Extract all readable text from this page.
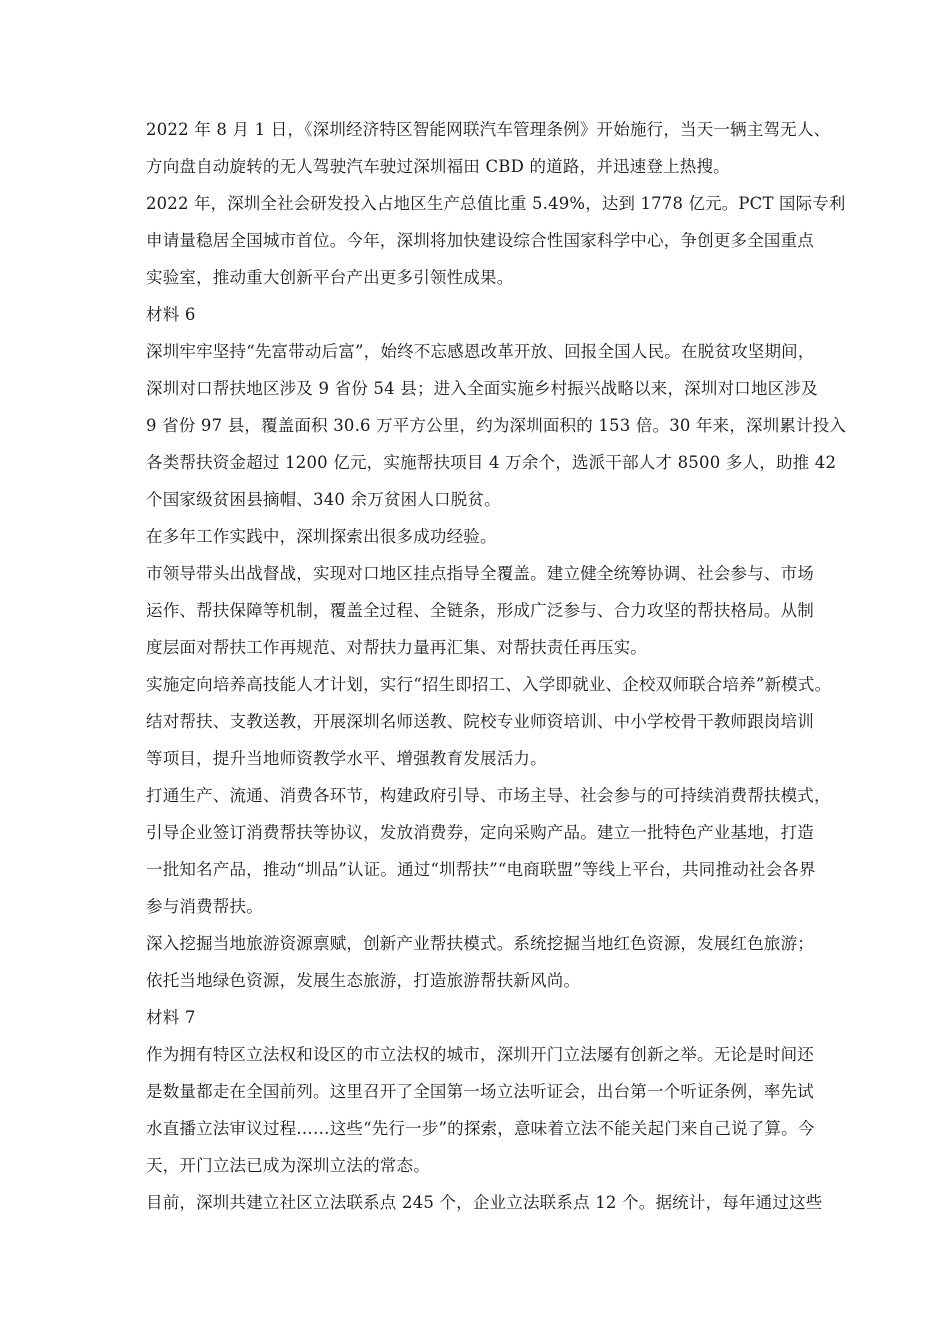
2022 年 8 月 1 日，《深圳经济特区智能网联汽车管理条例》开始施行，当天一辆主驾无人、
方向盘自动旋转的无人驾驶汽车驶过深圳福田 CBD 的道路，并迅速登上热搜。
2022 年，深圳全社会研发投入占地区生产总值比重 5.49%，达到 1778 亿元。PCT 国际专利
申请量稳居全国城市首位。今年，深圳将加快建设综合性国家科学中心，争创更多全国重点
实验室，推动重大创新平台产出更多引领性成果。
材料 6
深圳牢牢坚持“先富带动后富”，始终不忘感恩改革开放、回报全国人民。在脱贫攻坚期间，
深圳对口帮扶地区涉及 9 省份 54 县；进入全面实施乡村振兴战略以来，深圳对口地区涉及
9 省份 97 县，覆盖面积 30.6 万平方公里，约为深圳面积的 153 倍。30 年来，深圳累计投入
各类帮扶资金超过 1200 亿元，实施帮扶项目 4 万余个，选派干部人才 8500 多人，助推 42
个国家级贫困县摘帽、340 余万贫困人口脱贫。
在多年工作实践中，深圳探索出很多成功经验。
市领导带头出战督战，实现对口地区挂点指导全覆盖。建立健全统筹协调、社会参与、市场
运作、帮扶保障等机制，覆盖全过程、全链条，形成广泛参与、合力攻坚的帮扶格局。从制
度层面对帮扶工作再规范、对帮扶力量再汇集、对帮扶责任再压实。
实施定向培养高技能人才计划，实行“招生即招工、入学即就业、企校双师联合培养”新模式。
结对帮扶、支教送教，开展深圳名师送教、院校专业师资培训、中小学校骨干教师跟岗培训
等项目，提升当地师资教学水平、增强教育发展活力。
打通生产、流通、消费各环节，构建政府引导、市场主导、社会参与的可持续消费帮扶模式，
引导企业签订消费帮扶等协议，发放消费券，定向采购产品。建立一批特色产业基地，打造
一批知名产品，推动“圳品”认证。通过“圳帮扶”“电商联盟”等线上平台，共同推动社会各界
参与消费帮扶。
深入挖掘当地旅游资源禀赋，创新产业帮扶模式。系统挖掘当地红色资源，发展红色旅游；
依托当地绿色资源，发展生态旅游，打造旅游帮扶新风尚。
材料 7
作为拥有特区立法权和设区的市立法权的城市，深圳开门立法屡有创新之举。无论是时间还
是数量都走在全国前列。这里召开了全国第一场立法听证会，出台第一个听证条例，率先试
水直播立法审议过程……这些“先行一步”的探索，意味着立法不能关起门来自己说了算。今
天，开门立法已成为深圳立法的常态。
目前，深圳共建立社区立法联系点 245 个，企业立法联系点 12 个。据统计，每年通过这些
